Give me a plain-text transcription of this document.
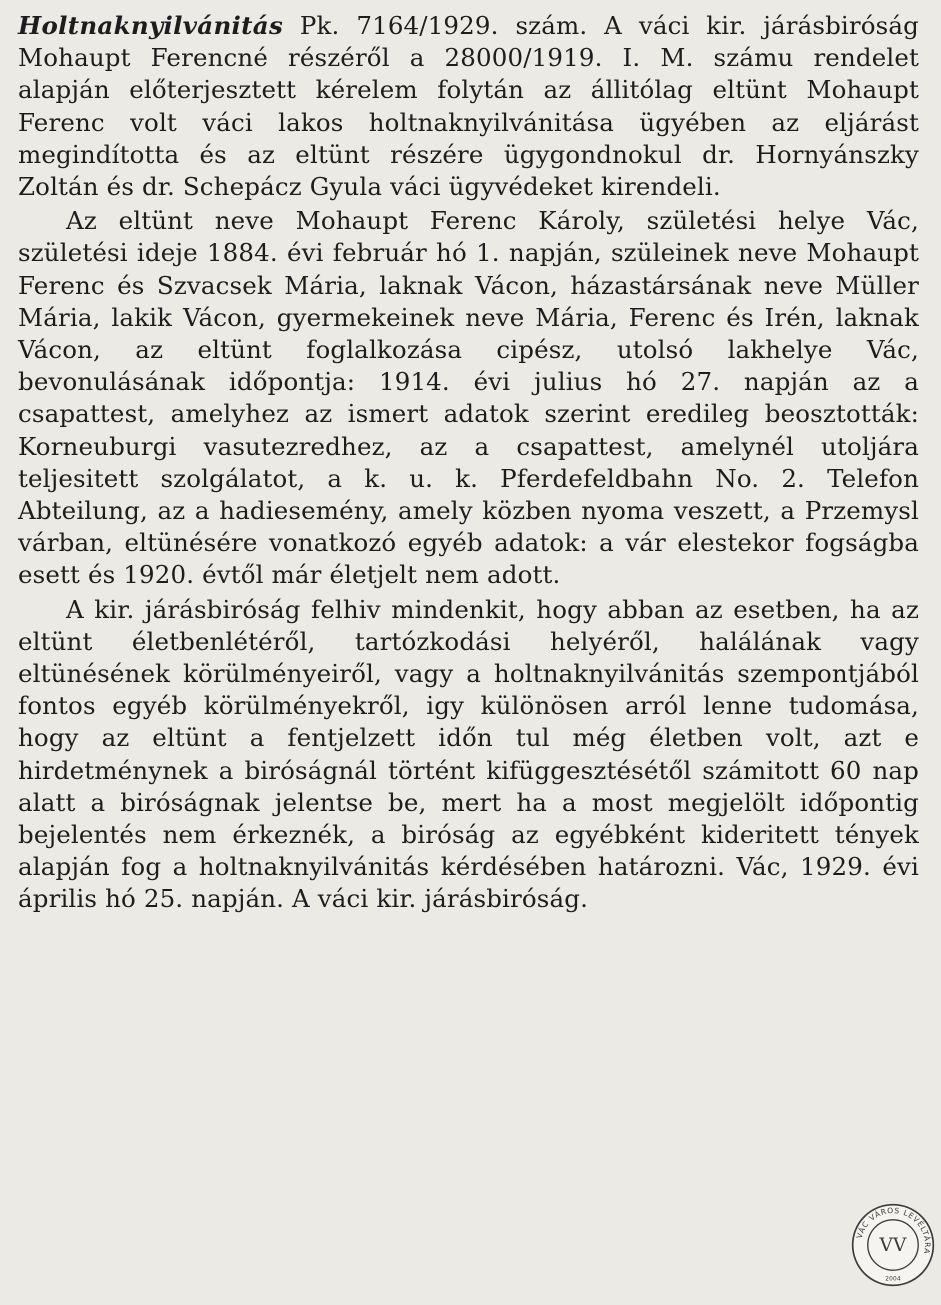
Holtnaknyilvánitás Pk. 7164/1929. szám. A váci kir. járásbiróság Mohaupt Ferencné részéről a 28000/1919. I. M. számu rendelet alapján előterjesztett kérelem folytán az állitólag eltünt Mohaupt Ferenc volt váci lakos holtnaknyilvánitása ügyében az eljárást megindította és az eltünt részére ügygondnokul dr. Hornyánszky Zoltán és dr. Schepácz Gyula váci ügyvédeket kirendeli.

Az eltünt neve Mohaupt Ferenc Károly, születési helye Vác, születési ideje 1884. évi február hó 1. napján, szüleinek neve Mohaupt Ferenc és Szvacsek Mária, laknak Vácon, házastársának neve Müller Mária, lakik Vácon, gyermekeinek neve Mária, Ferenc és Irén, laknak Vácon, az eltünt foglalkozása cipész, utolsó lakhelye Vác, bevonulásának időpontja: 1914. évi julius hó 27. napján az a csapattest, amelyhez az ismert adatok szerint eredileg beosztották: Korneuburgi vasutezredhez, az a csapattest, amelynél utoljára teljesitett szolgálatot, a k. u. k. Pferdefeldbahn No. 2. Telefon Abteilung, az a hadiesemény, amely közben nyoma veszett, a Przemysl várban, eltünésére vonatkozó egyéb adatok: a vár elestekor fogságba esett és 1920. évtől már életjelt nem adott.

A kir. járásbiróság felhiv mindenkit, hogy abban az esetben, ha az eltünt életbenlétéről, tartózkodási helyéről, halálának vagy eltünésének körülményeiről, vagy a holtnaknyilvánitás szempontjából fontos egyéb körülményekről, igy különösen arról lenne tudomása, hogy az eltünt a fentjelzett időn tul még életben volt, azt e hirdetménynek a biróságnál történt kifüggesztésétől számitott 60 nap alatt a biróságnak jelentse be, mert ha a most megjelölt időpontig bejelentés nem érkeznék, a biróság az egyébként kideritett tények alapján fog a holtnaknyilvánitás kérdésében határozni. Vác, 1929. évi április hó 25. napján. A váci kir. járásbiróság.

VÁC VÁROS LEVÉLTÁRA
VV
2004
